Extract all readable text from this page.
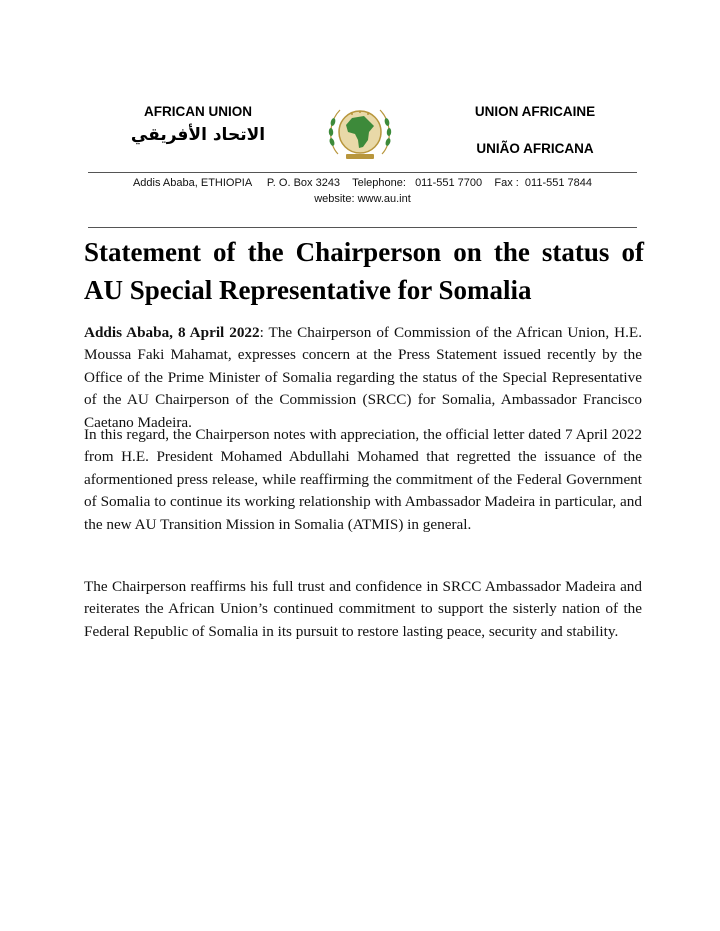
AFRICAN UNION
الاتحاد الأفريقي
UNION AFRICAINE
UNIÃO AFRICANA
Addis Ababa, ETHIOPIA     P. O. Box 3243    Telephone:   011-551 7700    Fax :  011-551 7844
website: www.au.int
Statement of the Chairperson on the status of AU Special Representative for Somalia

Addis Ababa, 8 April 2022: The Chairperson of Commission of the African Union, H.E. Moussa Faki Mahamat, expresses concern at the Press Statement issued recently by the Office of the Prime Minister of Somalia regarding the status of the Special Representative of the AU Chairperson of the Commission (SRCC) for Somalia, Ambassador Francisco Caetano Madeira.

In this regard, the Chairperson notes with appreciation, the official letter dated 7 April 2022 from H.E. President Mohamed Abdullahi Mohamed that regretted the issuance of the aformentioned press release, while reaffirming the commitment of the Federal Government of Somalia to continue its working relationship with Ambassador Madeira in particular, and the new AU Transition Mission in Somalia (ATMIS) in general.

The Chairperson reaffirms his full trust and confidence in SRCC Ambassador Madeira and reiterates the African Union’s continued commitment to support the sisterly nation of the Federal Republic of Somalia in its pursuit to restore lasting peace, security and stability.
